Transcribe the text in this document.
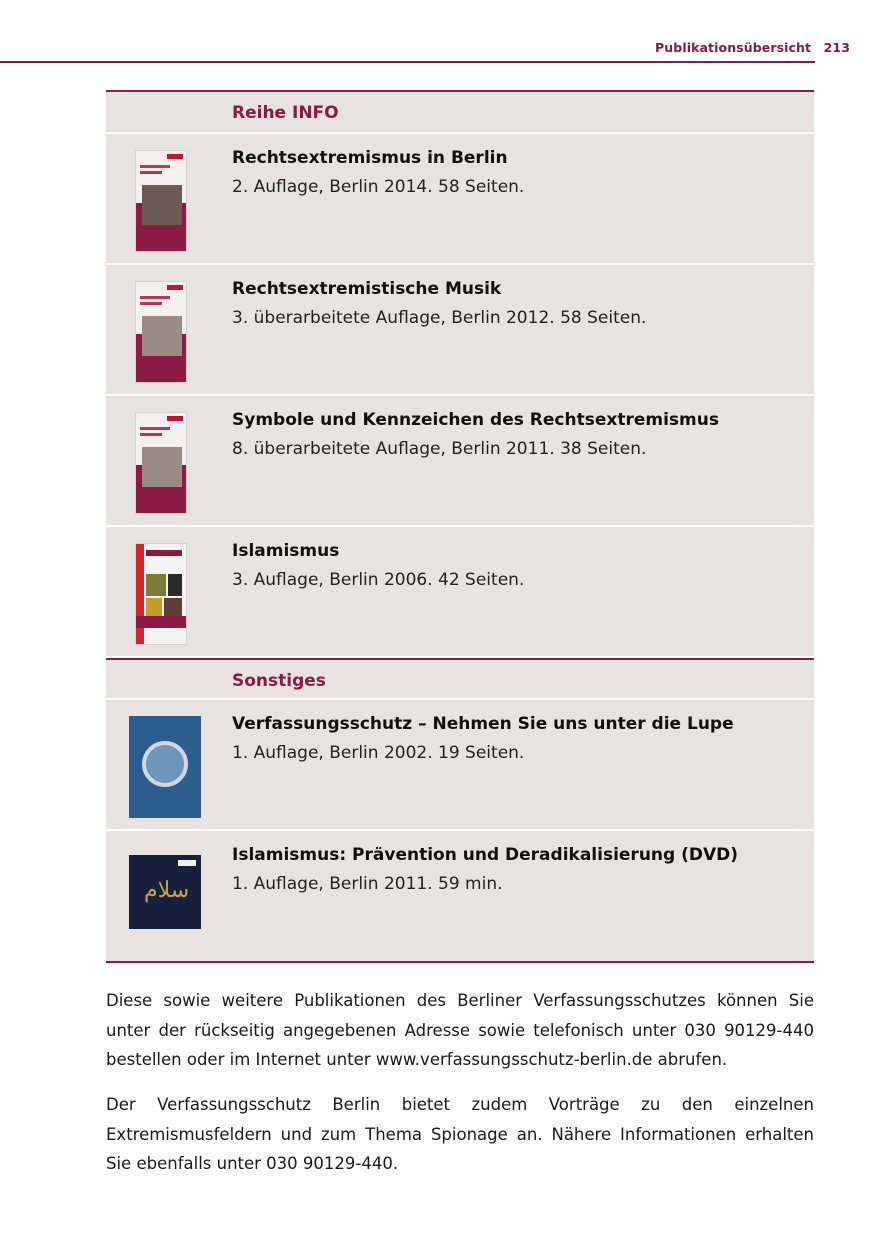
Publikationsübersicht 213
Reihe INFO
Rechtsextremismus in Berlin
2. Auflage, Berlin 2014. 58 Seiten.
Rechtsextremistische Musik
3. überarbeitete Auflage, Berlin 2012. 58 Seiten.
Symbole und Kennzeichen des Rechtsextremismus
8. überarbeitete Auflage, Berlin 2011. 38 Seiten.
Islamismus
3. Auflage, Berlin 2006. 42 Seiten.
Sonstiges
Verfassungsschutz – Nehmen Sie uns unter die Lupe
1. Auflage, Berlin 2002. 19 Seiten.
سلام
Islamismus: Prävention und Deradikalisierung (DVD)
1. Auflage, Berlin 2011. 59 min.

Diese sowie weitere Publikationen des Berliner Verfassungsschutzes können Sie unter der rückseitig angegebenen Adresse sowie telefonisch unter 030 90129-440 bestellen oder im Internet unter www.verfassungsschutz-berlin.de abrufen.

Der Verfassungsschutz Berlin bietet zudem Vorträge zu den einzelnen Extremismusfeldern und zum Thema Spionage an. Nähere Informationen erhalten Sie ebenfalls unter 030 90129-440.
